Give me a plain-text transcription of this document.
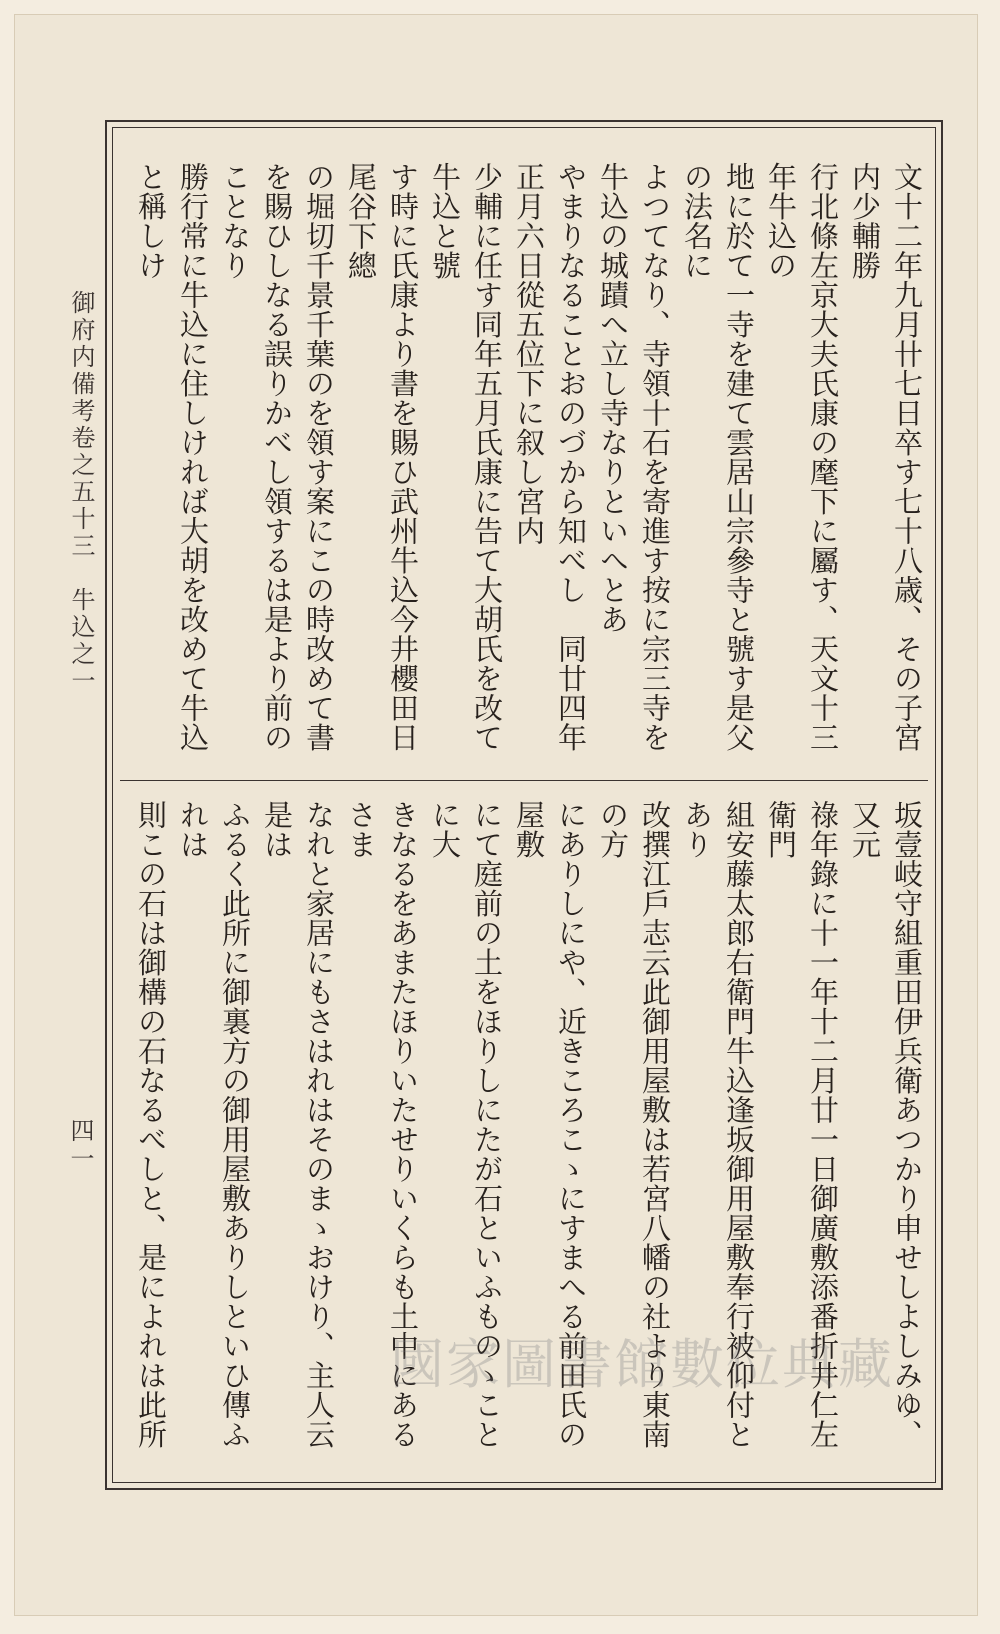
文十二年九月卄七日卒す七十八歳、その子宮内少輔勝

行北條左京大夫氏康の麾下に屬す、天文十三年牛込の

地に於て一寺を建て雲居山宗參寺と號す是父の法名に

よつてなり、寺領十石を寄進す按に宗三寺を牛込の城蹟へ立し寺なりといへとあ

やまりなることおのづから知べし　同廿四年正月六日從五位下に叙し宮内

少輔に任す同年五月氏康に告て大胡氏を改て牛込と號

す時に氏康より書を賜ひ武州牛込今井櫻田日尾谷下總

の堀切千景千葉のを領す案にこの時改めて書を賜ひしなる誤りかべし領するは是より前のことなり

勝行常に牛込に住しければ大胡を改めて牛込と稱しけ

坂壹岐守組重田伊兵衛あつかり申せしよしみゆ、又元

祿年錄に十一年十二月廿一日御廣敷添番折井仁左衛門

組安藤太郎右衛門牛込逢坂御用屋敷奉行被仰付とあり

改撰江戶志云此御用屋敷は若宮八幡の社より東南の方

にありしにや、近きころこゝにすまへる前田氏の屋敷

にて庭前の土をほりしにたが石といふものゝことに大

きなるをあまたほりいたせりいくらも土中にあるさま

なれと家居にもさはれはそのまゝおけり、主人云是は

ふるく此所に御裏方の御用屋敷ありしといひ傳ふれは

則この石は御構の石なるべしと、是によれは此所

御府内備考卷之五十三　牛込之一
四一
國家圖書館數位典藏
